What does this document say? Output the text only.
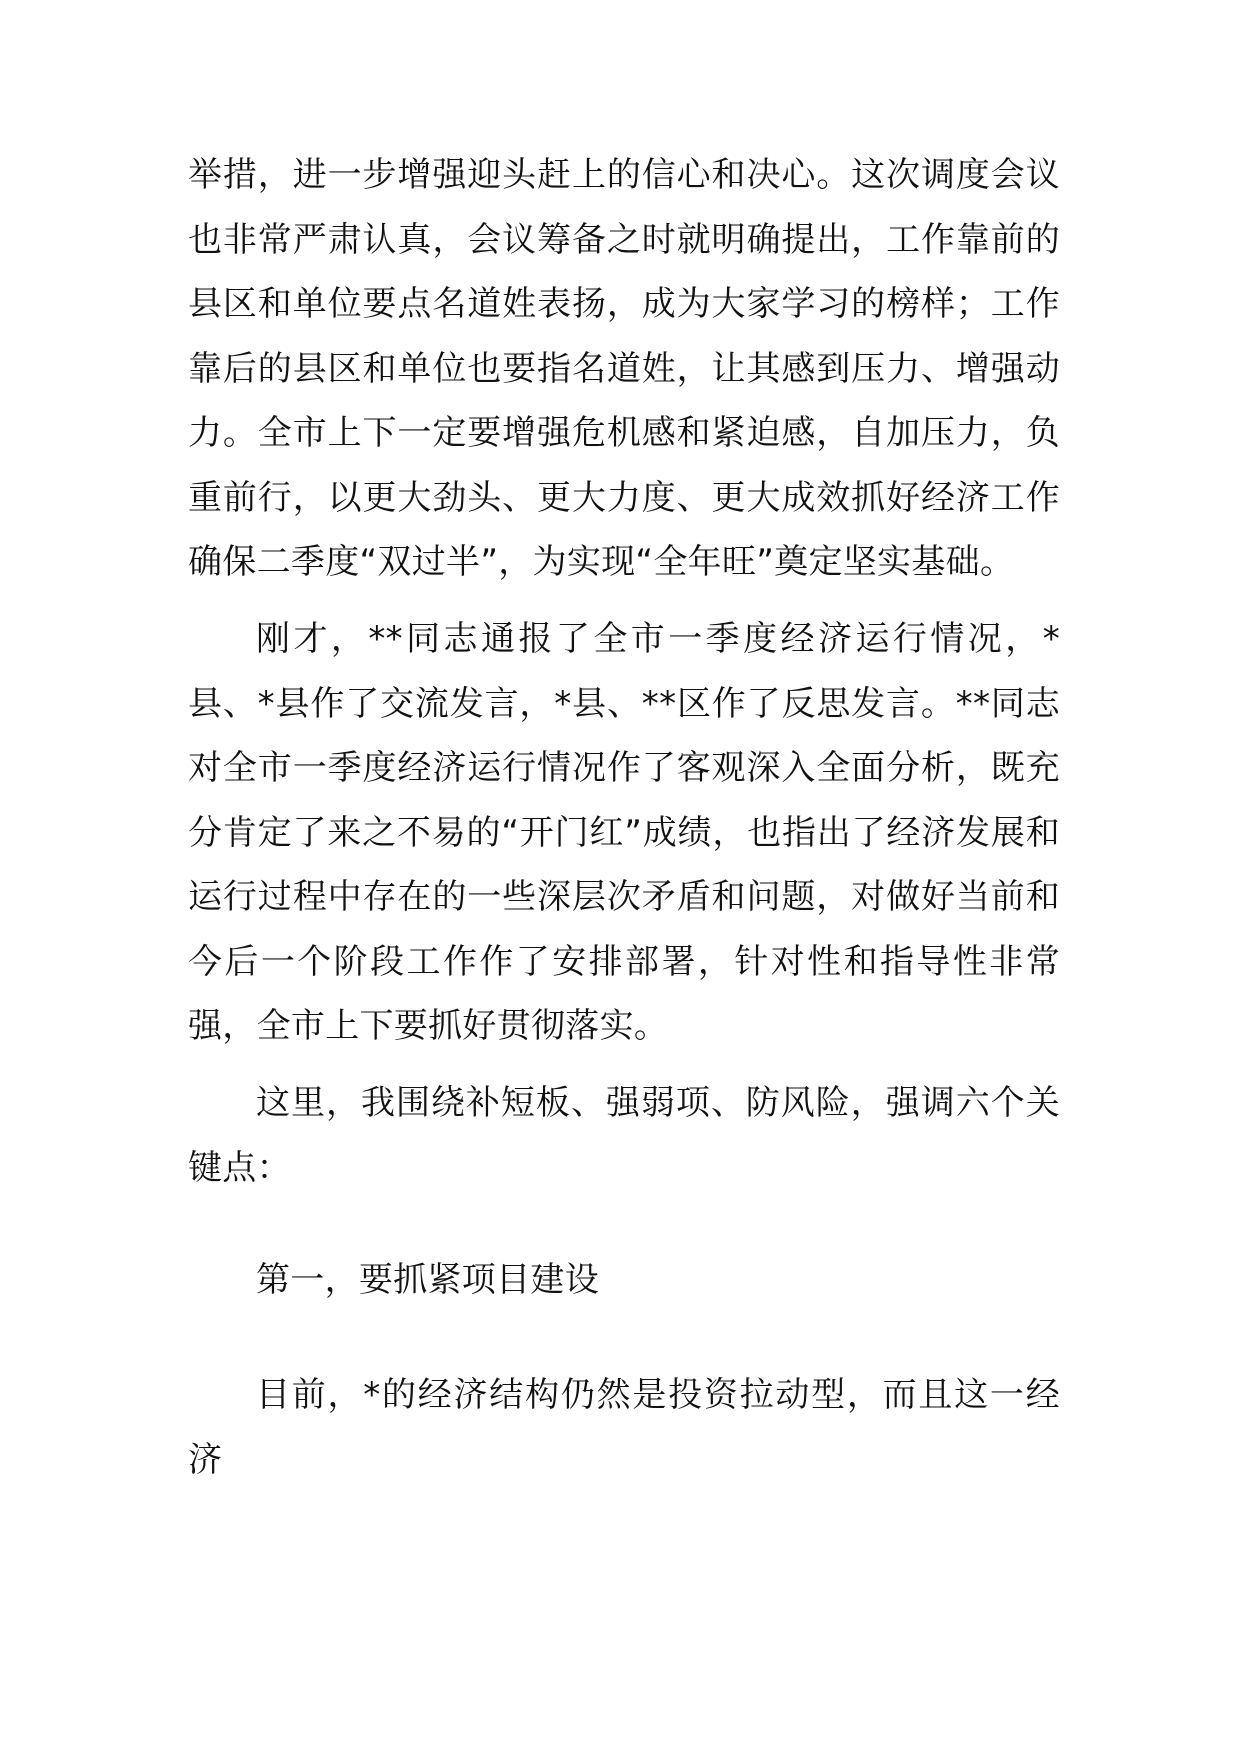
举措，进一步增强迎头赶上的信心和决心。这次调度会议也非常严肃认真，会议筹备之时就明确提出，工作靠前的县区和单位要点名道姓表扬，成为大家学习的榜样；工作靠后的县区和单位也要指名道姓，让其感到压力、增强动力。全市上下一定要增强危机感和紧迫感，自加压力，负重前行，以更大劲头、更大力度、更大成效抓好经济工作确保二季度“双过半”，为实现“全年旺”奠定坚实基础。

刚才，**同志通报了全市一季度经济运行情况，*县、*县作了交流发言，*县、**区作了反思发言。**同志对全市一季度经济运行情况作了客观深入全面分析，既充分肯定了来之不易的“开门红”成绩，也指出了经济发展和运行过程中存在的一些深层次矛盾和问题，对做好当前和今后一个阶段工作作了安排部署，针对性和指导性非常强，全市上下要抓好贯彻落实。

这里，我围绕补短板、强弱项、防风险，强调六个关键点：

第一，要抓紧项目建设

目前，*的经济结构仍然是投资拉动型，而且这一经济
